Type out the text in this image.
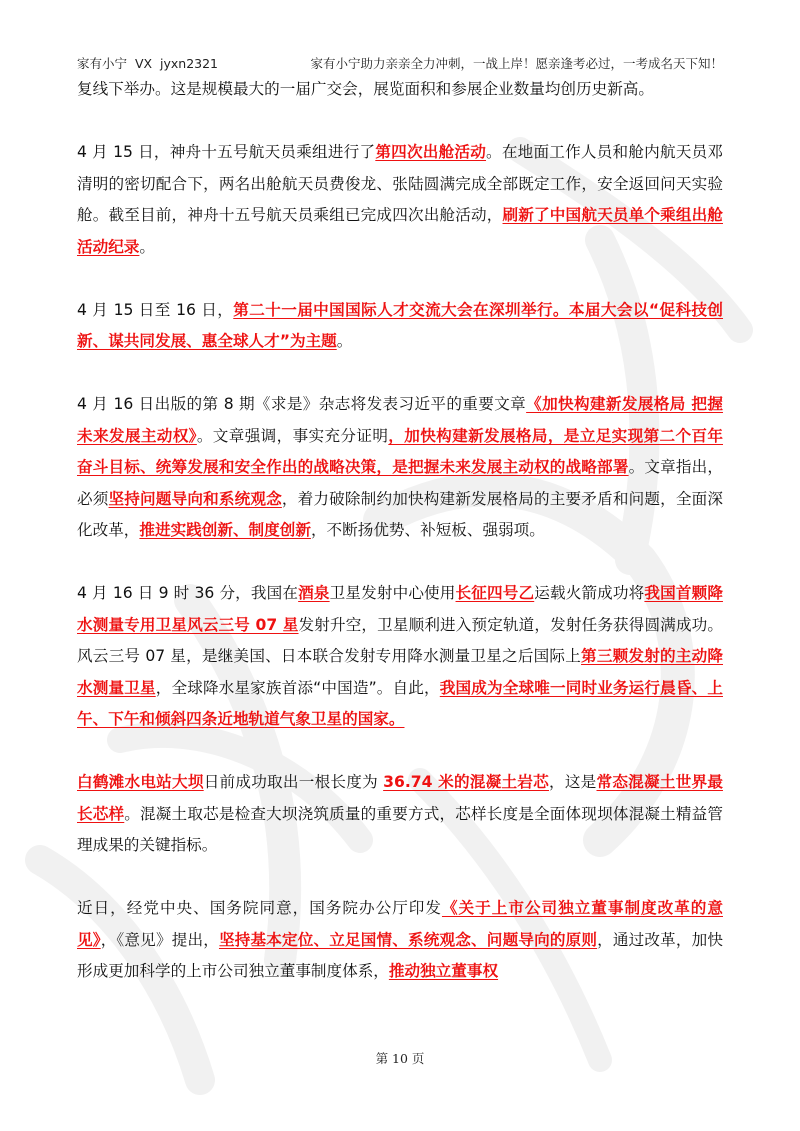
家有小宁  VX  jyxn2321	家有小宁助力亲亲全力冲刺，一战上岸！愿亲逢考必过，一考成名天下知！

复线下举办。这是规模最大的一届广交会，展览面积和参展企业数量均创历史新高。

4 月 15 日，神舟十五号航天员乘组进行了第四次出舱活动。在地面工作人员和舱内航天员邓清明的密切配合下，两名出舱航天员费俊龙、张陆圆满完成全部既定工作，安全返回问天实验舱。截至目前，神舟十五号航天员乘组已完成四次出舱活动，刷新了中国航天员单个乘组出舱活动纪录。

4 月 15 日至 16 日，第二十一届中国国际人才交流大会在深圳举行。本届大会以“促科技创新、谋共同发展、惠全球人才”为主题。

4 月 16 日出版的第 8 期《求是》杂志将发表习近平的重要文章《加快构建新发展格局 把握未来发展主动权》。文章强调，事实充分证明，加快构建新发展格局，是立足实现第二个百年奋斗目标、统筹发展和安全作出的战略决策，是把握未来发展主动权的战略部署。文章指出，必须坚持问题导向和系统观念，着力破除制约加快构建新发展格局的主要矛盾和问题，全面深化改革，推进实践创新、制度创新，不断扬优势、补短板、强弱项。

4 月 16 日 9 时 36 分，我国在酒泉卫星发射中心使用长征四号乙运载火箭成功将我国首颗降水测量专用卫星风云三号 07 星发射升空，卫星顺利进入预定轨道，发射任务获得圆满成功。风云三号 07 星，是继美国、日本联合发射专用降水测量卫星之后国际上第三颗发射的主动降水测量卫星，全球降水星家族首添“中国造”。自此，我国成为全球唯一同时业务运行晨昏、上午、下午和倾斜四条近地轨道气象卫星的国家。

白鹤滩水电站大坝日前成功取出一根长度为 36.74 米的混凝土岩芯，这是常态混凝土世界最长芯样。混凝土取芯是检查大坝浇筑质量的重要方式，芯样长度是全面体现坝体混凝土精益管理成果的关键指标。

近日，经党中央、国务院同意，国务院办公厅印发《关于上市公司独立董事制度改革的意见》，《意见》提出，坚持基本定位、立足国情、系统观念、问题导向的原则，通过改革，加快形成更加科学的上市公司独立董事制度体系，推动独立董事权

第 10 页
